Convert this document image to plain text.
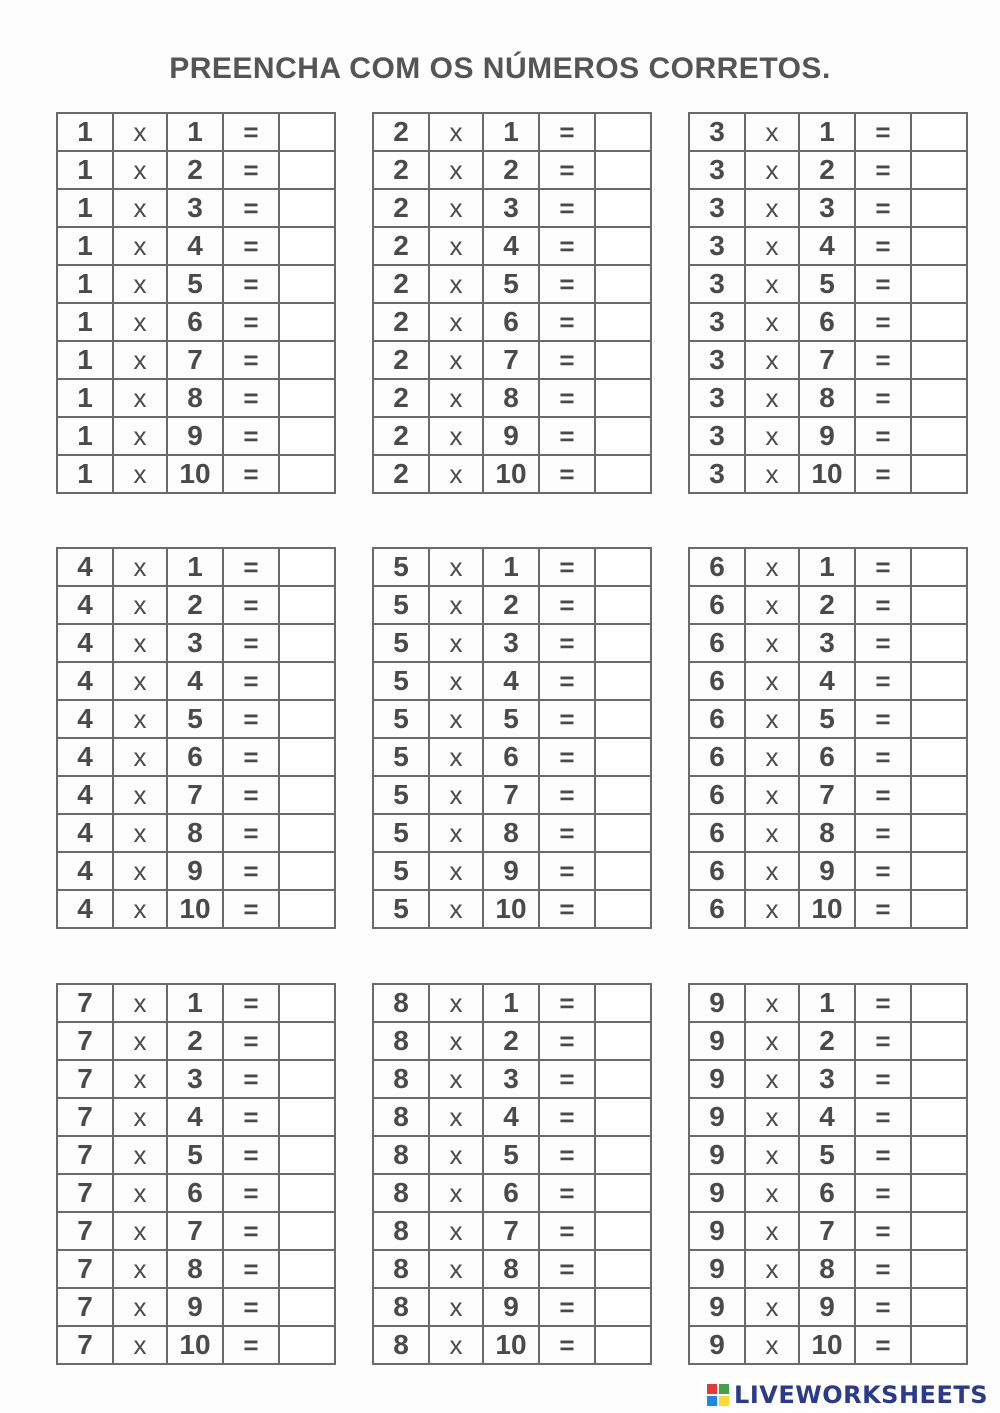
PREENCHA COM OS NÚMEROS CORRETOS.
1	x	1	=	
1	x	2	=	
1	x	3	=	
1	x	4	=	
1	x	5	=	
1	x	6	=	
1	x	7	=	
1	x	8	=	
1	x	9	=	
1	x	10	=	
2	x	1	=	
2	x	2	=	
2	x	3	=	
2	x	4	=	
2	x	5	=	
2	x	6	=	
2	x	7	=	
2	x	8	=	
2	x	9	=	
2	x	10	=	
3	x	1	=	
3	x	2	=	
3	x	3	=	
3	x	4	=	
3	x	5	=	
3	x	6	=	
3	x	7	=	
3	x	8	=	
3	x	9	=	
3	x	10	=	
4	x	1	=	
4	x	2	=	
4	x	3	=	
4	x	4	=	
4	x	5	=	
4	x	6	=	
4	x	7	=	
4	x	8	=	
4	x	9	=	
4	x	10	=	
5	x	1	=	
5	x	2	=	
5	x	3	=	
5	x	4	=	
5	x	5	=	
5	x	6	=	
5	x	7	=	
5	x	8	=	
5	x	9	=	
5	x	10	=	
6	x	1	=	
6	x	2	=	
6	x	3	=	
6	x	4	=	
6	x	5	=	
6	x	6	=	
6	x	7	=	
6	x	8	=	
6	x	9	=	
6	x	10	=	
7	x	1	=	
7	x	2	=	
7	x	3	=	
7	x	4	=	
7	x	5	=	
7	x	6	=	
7	x	7	=	
7	x	8	=	
7	x	9	=	
7	x	10	=	
8	x	1	=	
8	x	2	=	
8	x	3	=	
8	x	4	=	
8	x	5	=	
8	x	6	=	
8	x	7	=	
8	x	8	=	
8	x	9	=	
8	x	10	=	
9	x	1	=	
9	x	2	=	
9	x	3	=	
9	x	4	=	
9	x	5	=	
9	x	6	=	
9	x	7	=	
9	x	8	=	
9	x	9	=	
9	x	10	=	
LIVEWORKSHEETS
